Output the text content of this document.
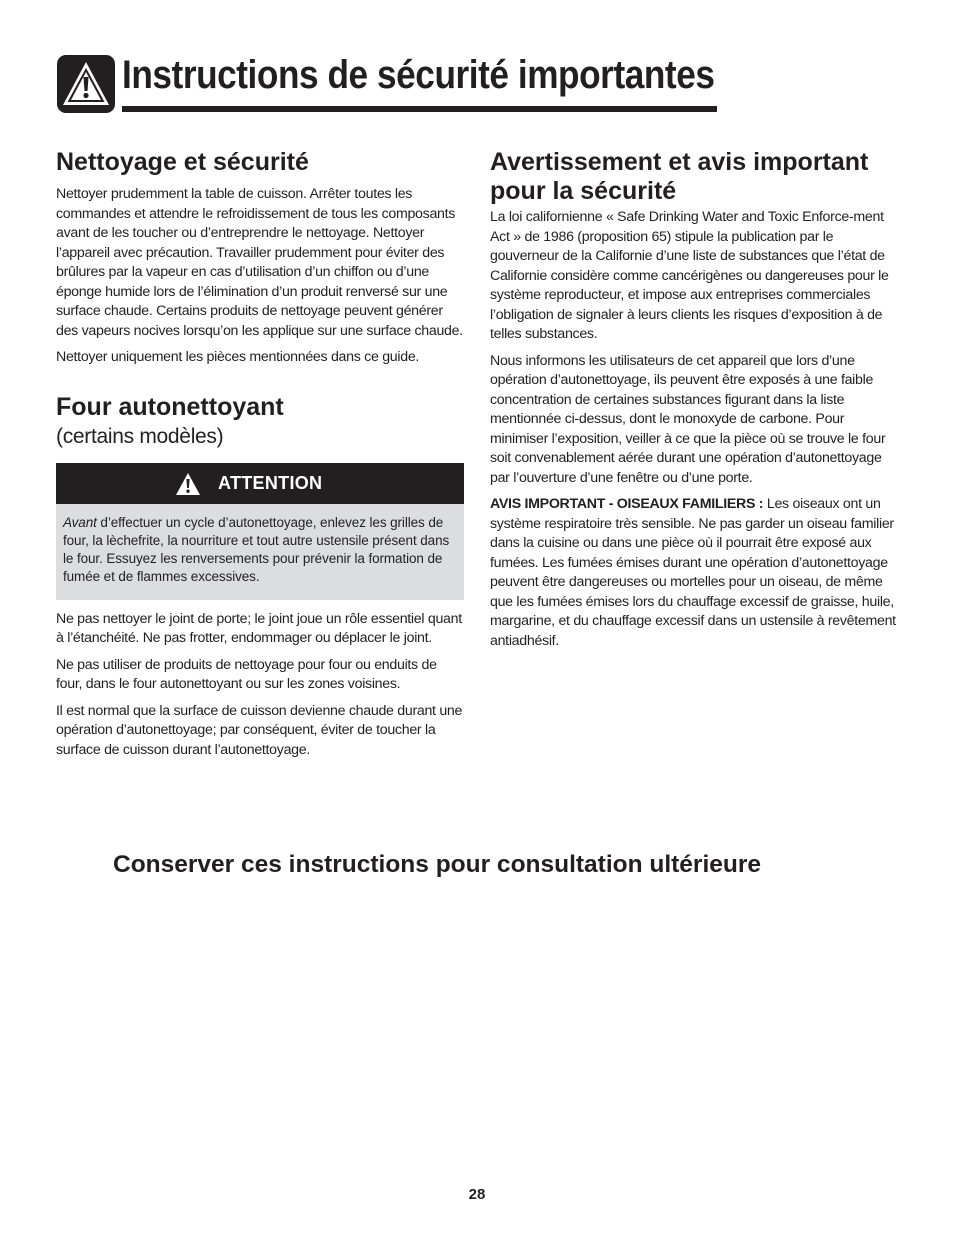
Instructions de sécurité importantes
Nettoyage et sécurité

Nettoyer prudemment la table de cuisson. Arrêter toutes les commandes et attendre le refroidissement de tous les composants avant de les toucher ou d’entreprendre le nettoyage. Nettoyer l’appareil avec précaution. Travailler prudemment pour éviter des brûlures par la vapeur en cas d’utilisation d’un chiffon ou d’une éponge humide lors de l’élimination d’un produit renversé sur une surface chaude. Certains produits de nettoyage peuvent générer des vapeurs nocives lorsqu’on les applique sur une surface chaude.

Nettoyer uniquement les pièces mentionnées dans ce guide.

Four autonettoyant

(certains modèles)

ATTENTION

Avant d’effectuer un cycle d’autonettoyage, enlevez les grilles de four, la lèchefrite, la nourriture et tout autre ustensile présent dans le four. Essuyez les renversements pour prévenir la formation de fumée et de flammes excessives.

Ne pas nettoyer le joint de porte; le joint joue un rôle essentiel quant à l’étanchéité. Ne pas frotter, endommager ou déplacer le joint.

Ne pas utiliser de produits de nettoyage pour four ou enduits de four, dans le four autonettoyant ou sur les zones voisines.

Il est normal que la surface de cuisson devienne chaude durant une opération d’autonettoyage; par conséquent, éviter de toucher la surface de cuisson durant l’autonettoyage.

Avertissement et avis important pour la sécurité

La loi californienne « Safe Drinking Water and Toxic Enforce-ment Act » de 1986 (proposition 65) stipule la publication par le gouverneur de la Californie d’une liste de substances que l’état de Californie considère comme cancérigènes ou dangereuses pour le système reproducteur, et impose aux entreprises commerciales l’obligation de signaler à leurs clients les risques d’exposition à de telles substances.

Nous informons les utilisateurs de cet appareil que lors d’une opération d’autonettoyage, ils peuvent être exposés à une faible concentration de certaines substances figurant dans la liste mentionnée ci-dessus, dont le monoxyde de carbone. Pour minimiser l’exposition, veiller à ce que la pièce où se trouve le four soit convenablement aérée durant une opération d’autonettoyage par l’ouverture d’une fenêtre ou d’une porte.

AVIS IMPORTANT - OISEAUX FAMILIERS : Les oiseaux ont un système respiratoire très sensible. Ne pas garder un oiseau familier dans la cuisine ou dans une pièce où il pourrait être exposé aux fumées. Les fumées émises durant une opération d’autonettoyage peuvent être dangereuses ou mortelles pour un oiseau, de même que les fumées émises lors du chauffage excessif de graisse, huile, margarine, et du chauffage excessif dans un ustensile à revêtement antiadhésif.

Conserver ces instructions pour consultation ultérieure
28
